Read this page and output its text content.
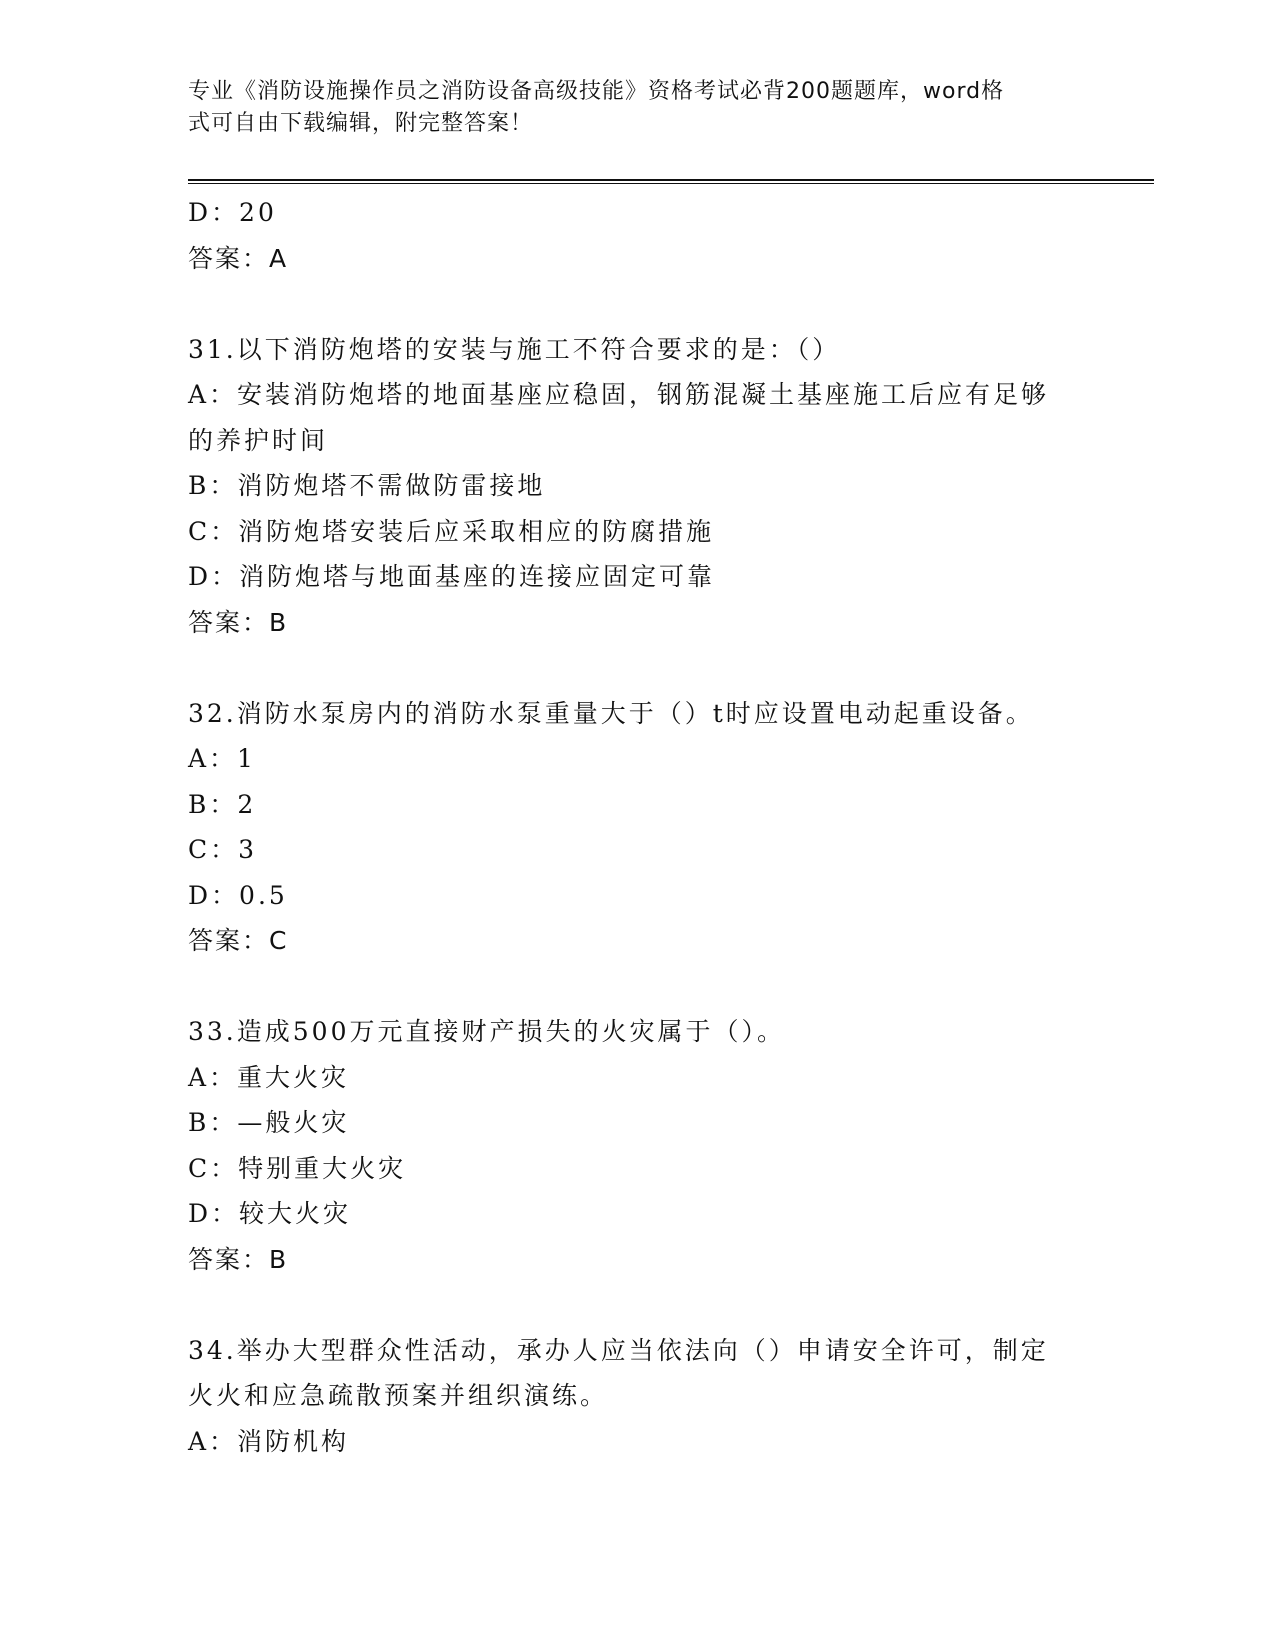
专业《消防设施操作员之消防设备高级技能》资格考试必背200题题库，word格
式可自由下载编辑，附完整答案！
D：20
答案：A
31.以下消防炮塔的安装与施工不符合要求的是：（）
A：安装消防炮塔的地面基座应稳固，钢筋混凝土基座施工后应有足够
的养护时间
B：消防炮塔不需做防雷接地
C：消防炮塔安装后应采取相应的防腐措施
D：消防炮塔与地面基座的连接应固定可靠
答案：B
32.消防水泵房内的消防水泵重量大于（）t时应设置电动起重设备。
A：1
B：2
C：3
D：0.5
答案：C
33.造成500万元直接财产损失的火灾属于（）。
A：重大火灾
B：—般火灾
C：特别重大火灾
D：较大火灾
答案：B
34.举办大型群众性活动，承办人应当依法向（）申请安全许可，制定
火火和应急疏散预案并组织演练。
A：消防机构
